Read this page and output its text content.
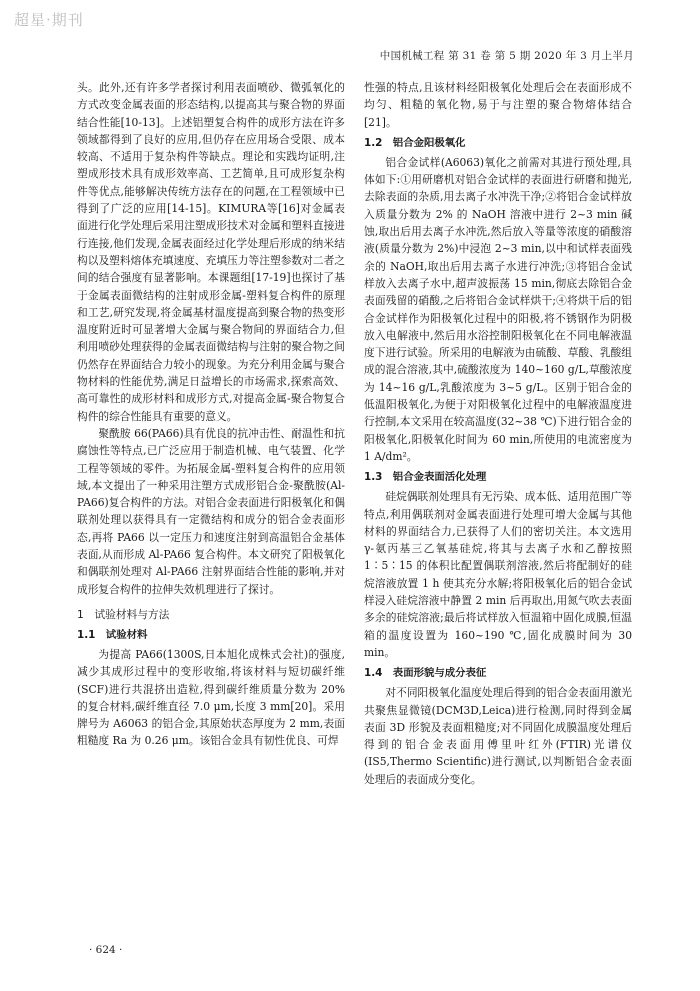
超星·期刊
中国机械工程 第 31 卷 第 5 期 2020 年 3 月上半月

头。此外,还有许多学者探讨利用表面喷砂、微弧氧化的方式改变金属表面的形态结构,以提高其与聚合物的界面结合性能[10-13]。上述铝塑复合构件的成形方法在许多领域都得到了良好的应用,但仍存在应用场合受限、成本较高、不适用于复杂构件等缺点。理论和实践均证明,注塑成形技术具有成形效率高、工艺简单,且可成形复杂构件等优点,能够解决传统方法存在的问题,在工程领域中已得到了广泛的应用[14-15]。KIMURA等[16]对金属表面进行化学处理后采用注塑成形技术对金属和塑料直接进行连接,他们发现,金属表面经过化学处理后形成的纳米结构以及塑料熔体充填速度、充填压力等注塑参数对二者之间的结合强度有显著影响。本课题组[17-19]也探讨了基于金属表面微结构的注射成形金属-塑料复合构件的原理和工艺,研究发现,将金属基材温度提高到聚合物的热变形温度附近时可显著增大金属与聚合物间的界面结合力,但利用喷砂处理获得的金属表面微结构与注射的聚合物之间仍然存在界面结合力较小的现象。为充分利用金属与聚合物材料的性能优势,满足日益增长的市场需求,探索高效、高可靠性的成形材料和成形方式,对提高金属-聚合物复合构件的综合性能具有重要的意义。

聚酰胺 66(PA66)具有优良的抗冲击性、耐温性和抗腐蚀性等特点,已广泛应用于制造机械、电气装置、化学工程等领域的零件。为拓展金属-塑料复合构件的应用领域,本文提出了一种采用注塑方式成形铝合金-聚酰胺(Al-PA66)复合构件的方法。对铝合金表面进行阳极氧化和偶联剂处理以获得具有一定微结构和成分的铝合金表面形态,再将 PA66 以一定压力和速度注射到高温铝合金基体表面,从而形成 Al-PA66 复合构件。本文研究了阳极氧化和偶联剂处理对 Al-PA66 注射界面结合性能的影响,并对成形复合构件的拉伸失效机理进行了探讨。

1　试验材料与方法
1.1　试验材料

为提高 PA66(1300S,日本旭化成株式会社)的强度,减少其成形过程中的变形收缩,将该材料与短切碳纤维(SCF)进行共混挤出造粒,得到碳纤维质量分数为 20% 的复合材料,碳纤维直径 7.0 μm,长度 3 mm[20]。采用牌号为 A6063 的铝合金,其原始状态厚度为 2 mm,表面粗糙度 Ra 为 0.26 μm。该铝合金具有韧性优良、可焊

性强的特点,且该材料经阳极氧化处理后会在表面形成不均匀、粗糙的氧化物,易于与注塑的聚合物熔体结合[21]。

1.2　铝合金阳极氧化

铝合金试样(A6063)氧化之前需对其进行预处理,具体如下:①用研磨机对铝合金试样的表面进行研磨和抛光,去除表面的杂质,用去离子水冲洗干净;②将铝合金试样放入质量分数为 2% 的 NaOH 溶液中进行 2~3 min 碱蚀,取出后用去离子水冲洗,然后放入等量等浓度的硝酸溶液(质量分数为 2%)中浸泡 2~3 min,以中和试样表面残余的 NaOH,取出后用去离子水进行冲洗;③将铝合金试样放入去离子水中,超声波振荡 15 min,彻底去除铝合金表面残留的硝酸,之后将铝合金试样烘干;④将烘干后的铝合金试样作为阳极氧化过程中的阳极,将不锈钢作为阴极放入电解液中,然后用水浴控制阳极氧化在不同电解液温度下进行试验。所采用的电解液为由硫酸、草酸、乳酸组成的混合溶液,其中,硫酸浓度为 140~160 g/L,草酸浓度为 14~16 g/L,乳酸浓度为 3~5 g/L。区别于铝合金的低温阳极氧化,为便于对阳极氧化过程中的电解液温度进行控制,本文采用在较高温度(32~38 ℃)下进行铝合金的阳极氧化,阳极氧化时间为 60 min,所使用的电流密度为 1 A/dm²。

1.3　铝合金表面活化处理

硅烷偶联剂处理具有无污染、成本低、适用范围广等特点,利用偶联剂对金属表面进行处理可增大金属与其他材料的界面结合力,已获得了人们的密切关注。本文选用 γ-氨丙基三乙氧基硅烷,将其与去离子水和乙醇按照 1∶5∶15 的体积比配置偶联剂溶液,然后将配制好的硅烷溶液放置 1 h 使其充分水解;将阳极氧化后的铝合金试样浸入硅烷溶液中静置 2 min 后再取出,用氮气吹去表面多余的硅烷溶液;最后将试样放入恒温箱中固化成膜,恒温箱的温度设置为 160~190 ℃,固化成膜时间为 30 min。

1.4　表面形貌与成分表征

对不同阳极氧化温度处理后得到的铝合金表面用激光共聚焦显微镜(DCM3D,Leica)进行检测,同时得到金属表面 3D 形貌及表面粗糙度;对不同固化成膜温度处理后得到的铝合金表面用傅里叶红外(FTIR)光谱仪(IS5,Thermo Scientific)进行测试,以判断铝合金表面处理后的表面成分变化。

· 624 ·
